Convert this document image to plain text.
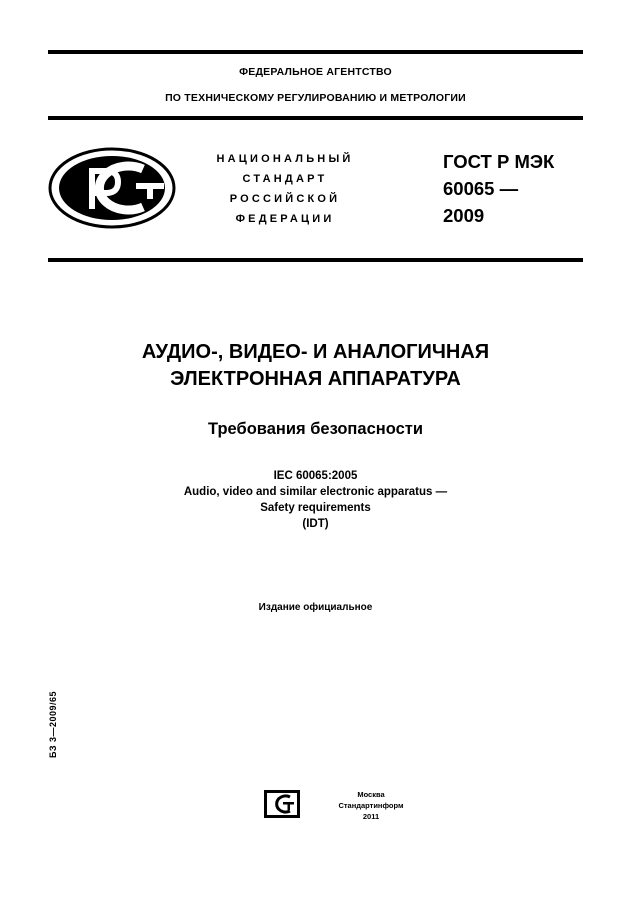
ФЕДЕРАЛЬНОЕ АГЕНТСТВО
ПО ТЕХНИЧЕСКОМУ РЕГУЛИРОВАНИЮ И МЕТРОЛОГИИ
НАЦИОНАЛЬНЫЙ
СТАНДАРТ
РОССИЙСКОЙ
ФЕДЕРАЦИИ
ГОСТ Р МЭК
60065 —
2009
АУДИО-, ВИДЕО- И АНАЛОГИЧНАЯ
ЭЛЕКТРОННАЯ АППАРАТУРА
Требования безопасности
IEC 60065:2005
Audio, video and similar electronic apparatus —
Safety requirements
(IDT)
Издание официальное
БЗ 3—2009/65
Москва
Стандартинформ
2011
